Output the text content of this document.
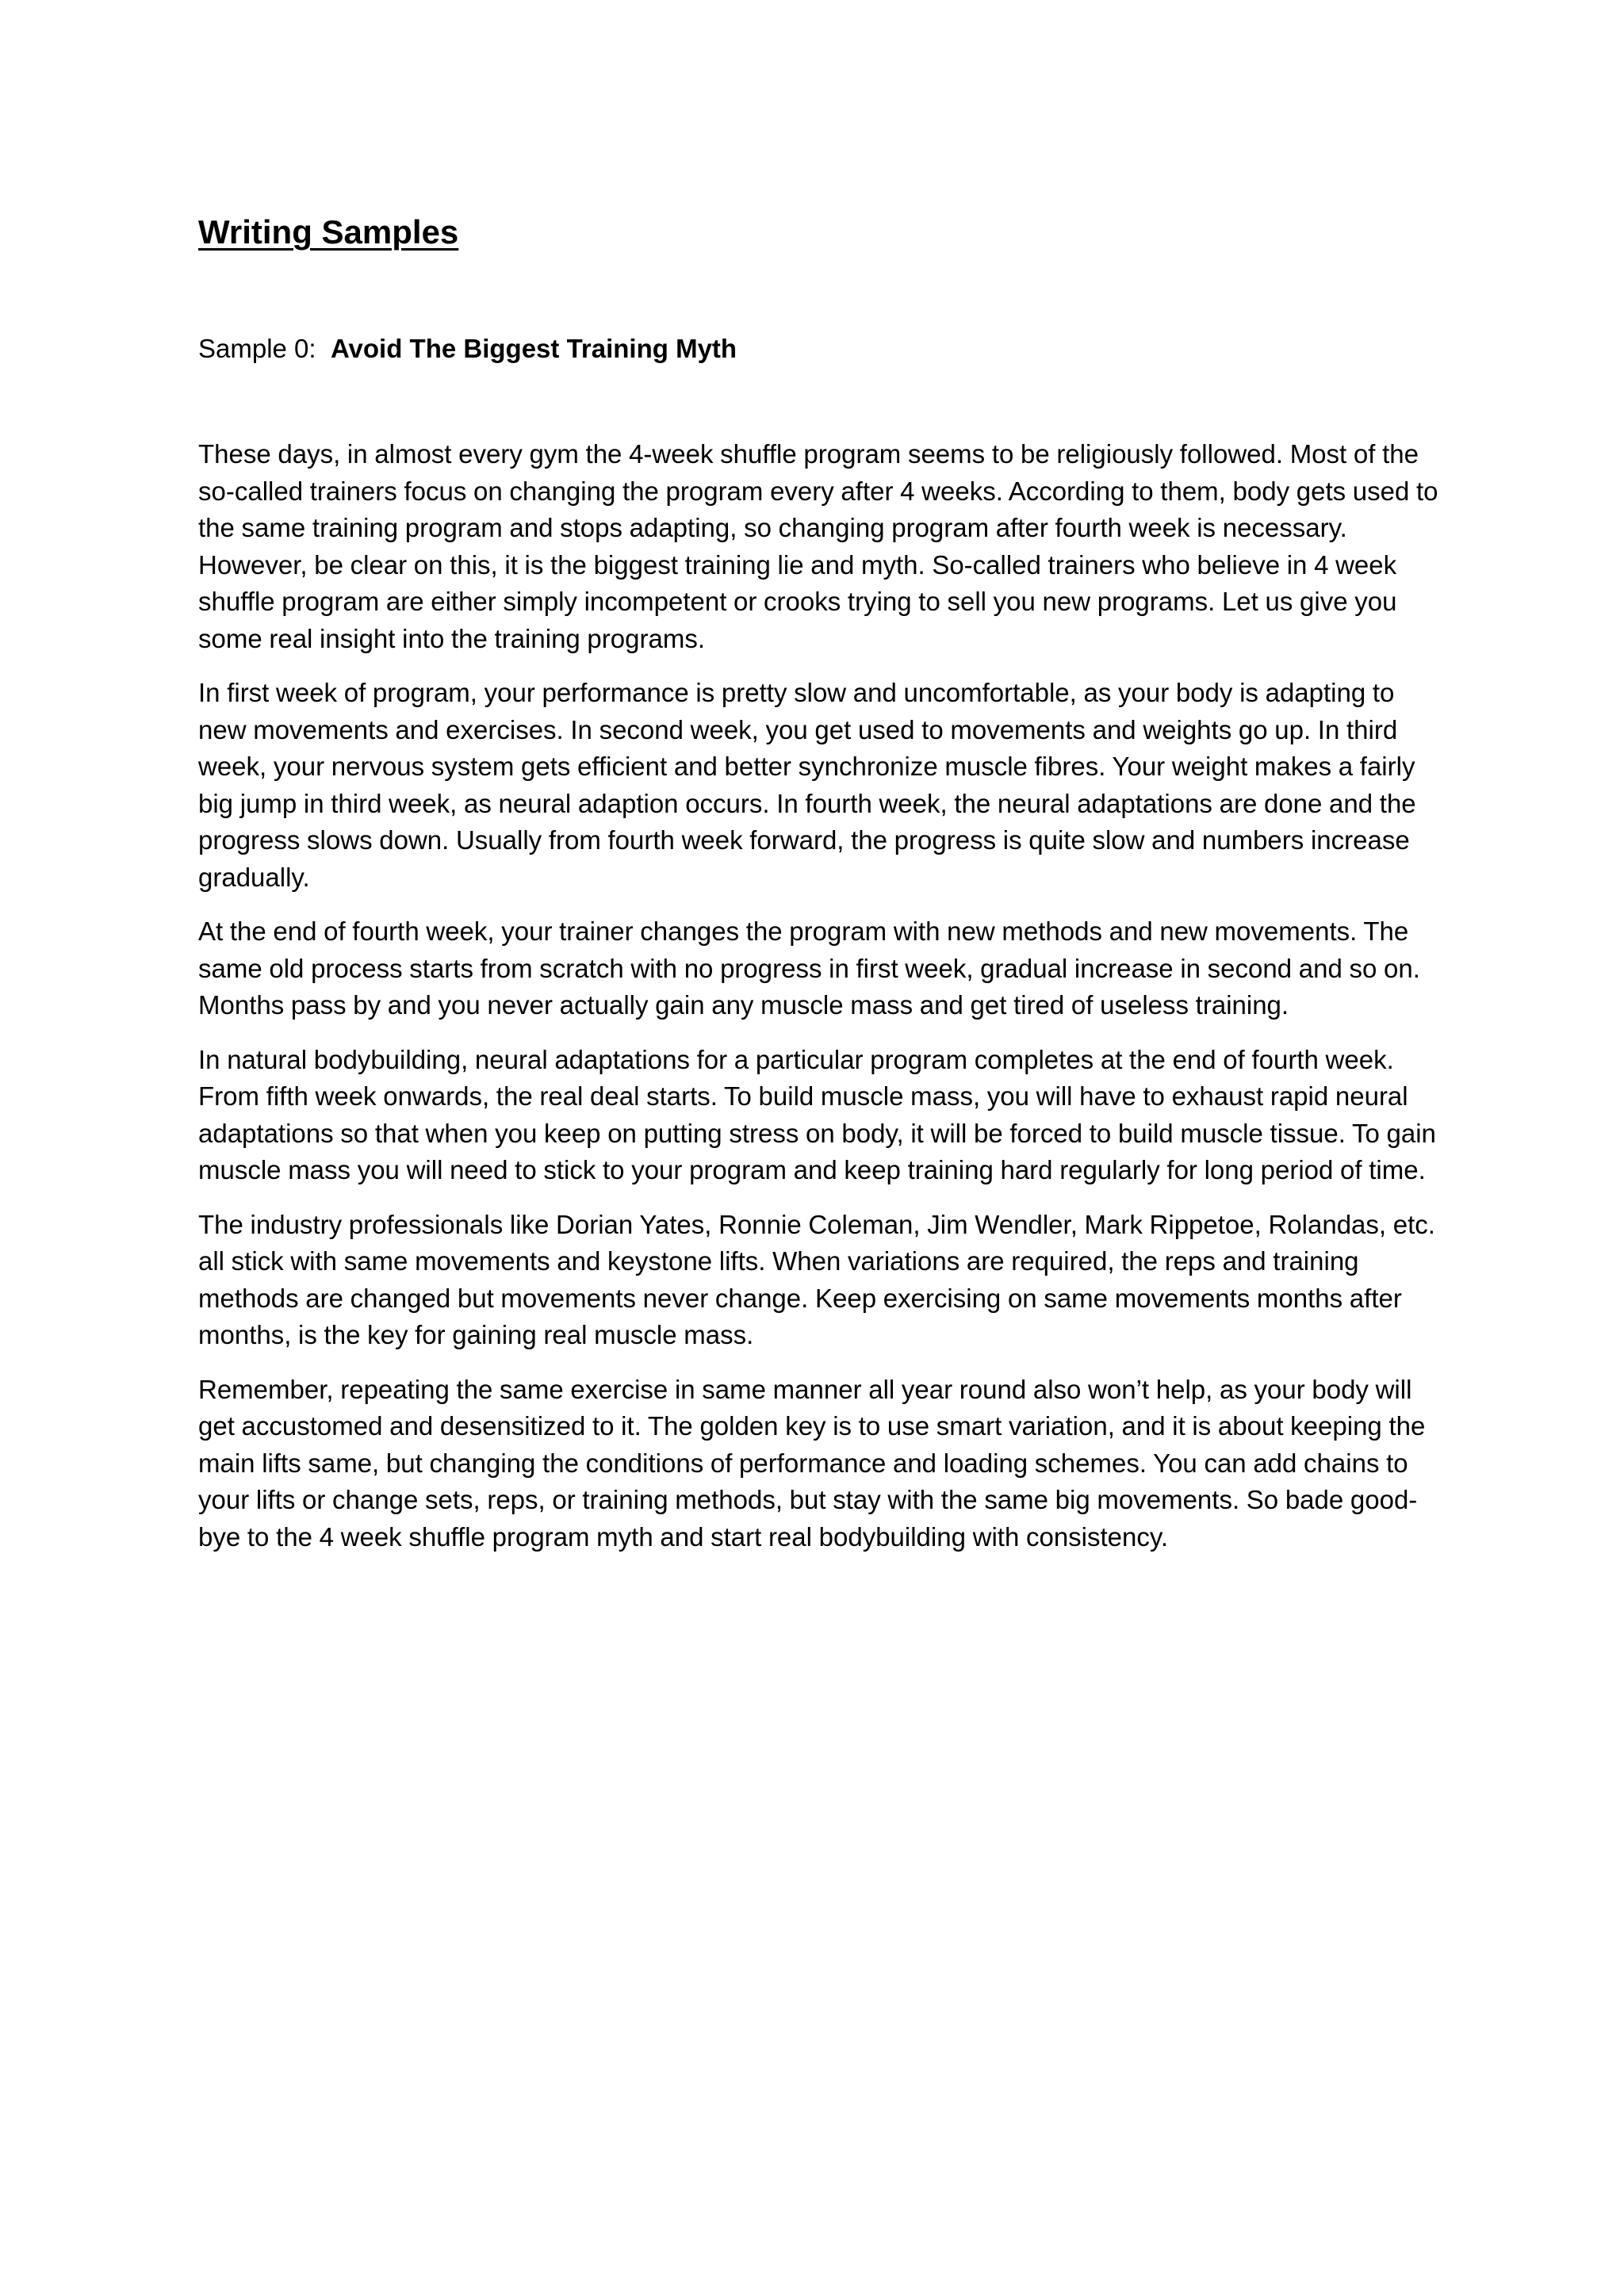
Writing Samples
Sample 0: Avoid The Biggest Training Myth

These days, in almost every gym the 4-week shuffle program seems to be religiously followed. Most of the so-called trainers focus on changing the program every after 4 weeks. According to them, body gets used to the same training program and stops adapting, so changing program after fourth week is necessary. However, be clear on this, it is the biggest training lie and myth. So-called trainers who believe in 4 week shuffle program are either simply incompetent or crooks trying to sell you new programs. Let us give you some real insight into the training programs.

In first week of program, your performance is pretty slow and uncomfortable, as your body is adapting to new movements and exercises. In second week, you get used to movements and weights go up. In third week, your nervous system gets efficient and better synchronize muscle fibres. Your weight makes a fairly big jump in third week, as neural adaption occurs. In fourth week, the neural adaptations are done and the progress slows down. Usually from fourth week forward, the progress is quite slow and numbers increase gradually.

At the end of fourth week, your trainer changes the program with new methods and new movements. The same old process starts from scratch with no progress in first week, gradual increase in second and so on. Months pass by and you never actually gain any muscle mass and get tired of useless training.

In natural bodybuilding, neural adaptations for a particular program completes at the end of fourth week. From fifth week onwards, the real deal starts. To build muscle mass, you will have to exhaust rapid neural adaptations so that when you keep on putting stress on body, it will be forced to build muscle tissue. To gain muscle mass you will need to stick to your program and keep training hard regularly for long period of time.

The industry professionals like Dorian Yates, Ronnie Coleman, Jim Wendler, Mark Rippetoe, Rolandas, etc. all stick with same movements and keystone lifts. When variations are required, the reps and training methods are changed but movements never change. Keep exercising on same movements months after months, is the key for gaining real muscle mass.

Remember, repeating the same exercise in same manner all year round also won’t help, as your body will get accustomed and desensitized to it. The golden key is to use smart variation, and it is about keeping the main lifts same, but changing the conditions of performance and loading schemes. You can add chains to your lifts or change sets, reps, or training methods, but stay with the same big movements. So bade good-bye to the 4 week shuffle program myth and start real bodybuilding with consistency.
